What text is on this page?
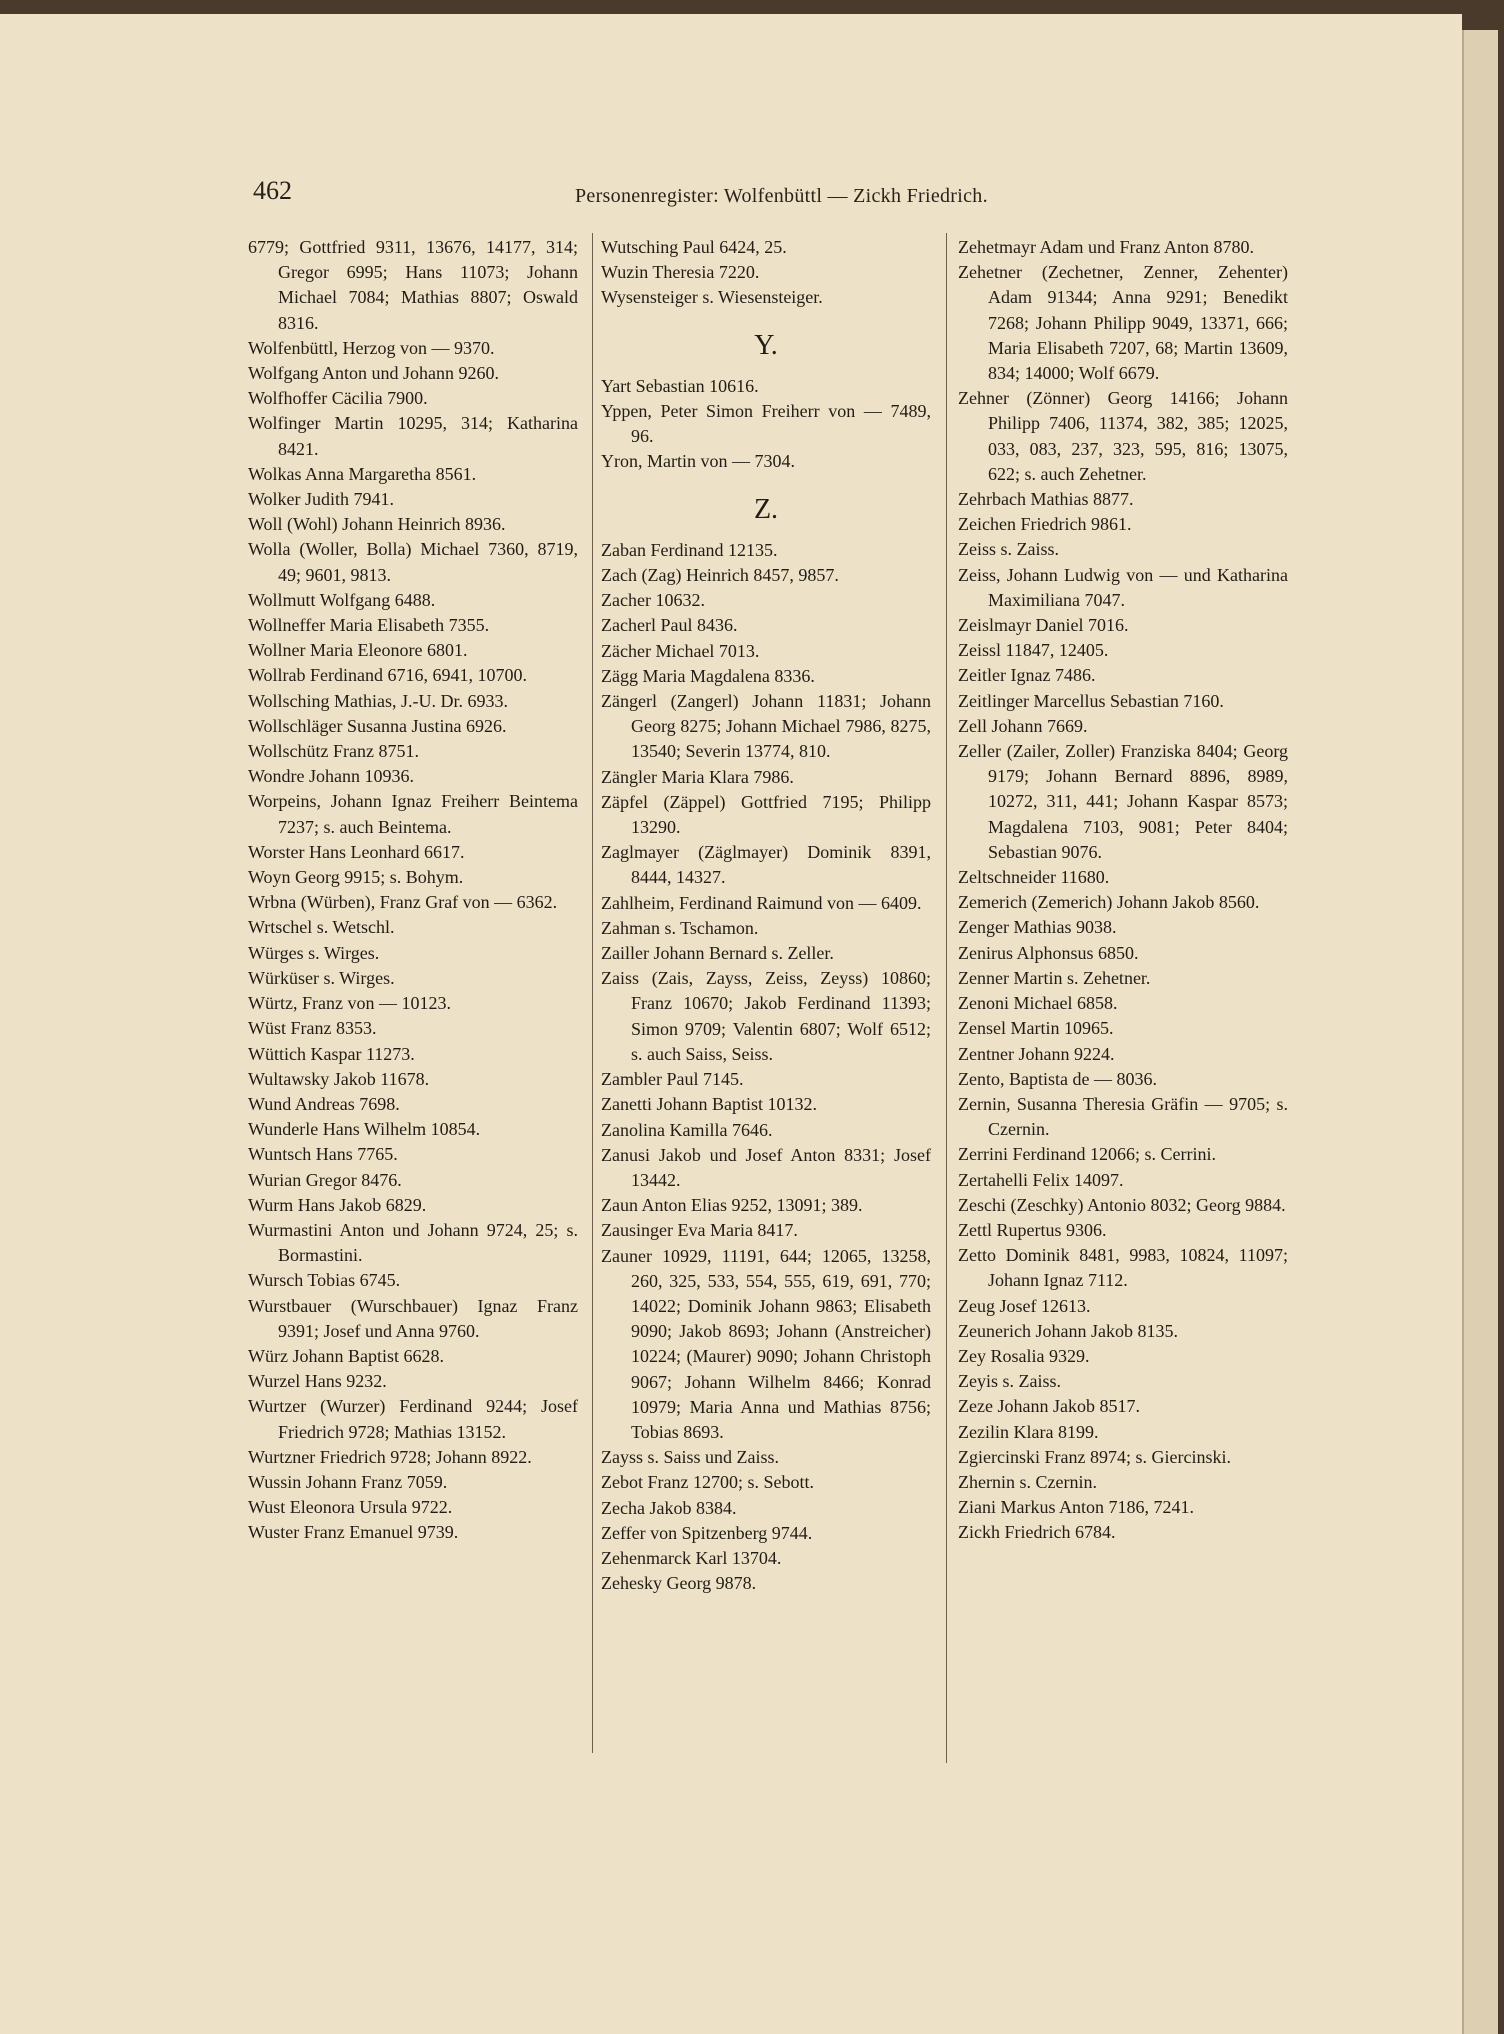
462	Personenregister: Wolfenbüttl — Zickh Friedrich.
6779; Gottfried 9311, 13676, 14177, 314; Gregor 6995; Hans 11073; Johann Michael 7084; Mathias 8807; Oswald 8316.
Wolfenbüttl, Herzog von — 9370.
Wolfgang Anton und Johann 9260.
Wolfhoffer Cäcilia 7900.
Wolfinger Martin 10295, 314; Katharina 8421.
Wolkas Anna Margaretha 8561.
Wolker Judith 7941.
Woll (Wohl) Johann Heinrich 8936.
Wolla (Woller, Bolla) Michael 7360, 8719, 49; 9601, 9813.
Wollmutt Wolfgang 6488.
Wollneffer Maria Elisabeth 7355.
Wollner Maria Eleonore 6801.
Wollrab Ferdinand 6716, 6941, 10700.
Wollsching Mathias, J.-U. Dr. 6933.
Wollschläger Susanna Justina 6926.
Wollschütz Franz 8751.
Wondre Johann 10936.
Worpeins, Johann Ignaz Freiherr Beintema 7237; s. auch Beintema.
Worster Hans Leonhard 6617.
Woyn Georg 9915; s. Bohym.
Wrbna (Würben), Franz Graf von — 6362.
Wrtschel s. Wetschl.
Würges s. Wirges.
Würküser s. Wirges.
Würtz, Franz von — 10123.
Wüst Franz 8353.
Wüttich Kaspar 11273.
Wultawsky Jakob 11678.
Wund Andreas 7698.
Wunderle Hans Wilhelm 10854.
Wuntsch Hans 7765.
Wurian Gregor 8476.
Wurm Hans Jakob 6829.
Wurmastini Anton und Johann 9724, 25; s. Bormastini.
Wursch Tobias 6745.
Wurstbauer (Wurschbauer) Ignaz Franz 9391; Josef und Anna 9760.
Würz Johann Baptist 6628.
Wurzel Hans 9232.
Wurtzer (Wurzer) Ferdinand 9244; Josef Friedrich 9728; Mathias 13152.
Wurtzner Friedrich 9728; Johann 8922.
Wussin Johann Franz 7059.
Wust Eleonora Ursula 9722.
Wuster Franz Emanuel 9739.
Wutsching Paul 6424, 25.
Wuzin Theresia 7220.
Wysensteiger s. Wiesensteiger.
Y.
Yart Sebastian 10616.
Yppen, Peter Simon Freiherr von — 7489, 96.
Yron, Martin von — 7304.
Z.
Zaban Ferdinand 12135.
Zach (Zag) Heinrich 8457, 9857.
Zacher 10632.
Zacherl Paul 8436.
Zächer Michael 7013.
Zägg Maria Magdalena 8336.
Zängerl (Zangerl) Johann 11831; Johann Georg 8275; Johann Michael 7986, 8275, 13540; Severin 13774, 810.
Zängler Maria Klara 7986.
Zäpfel (Zäppel) Gottfried 7195; Philipp 13290.
Zaglmayer (Zäglmayer) Dominik 8391, 8444, 14327.
Zahlheim, Ferdinand Raimund von — 6409.
Zahman s. Tschamon.
Zailler Johann Bernard s. Zeller.
Zaiss (Zais, Zayss, Zeiss, Zeyss) 10860; Franz 10670; Jakob Ferdinand 11393; Simon 9709; Valentin 6807; Wolf 6512; s. auch Saiss, Seiss.
Zambler Paul 7145.
Zanetti Johann Baptist 10132.
Zanolina Kamilla 7646.
Zanusi Jakob und Josef Anton 8331; Josef 13442.
Zaun Anton Elias 9252, 13091; 389.
Zausinger Eva Maria 8417.
Zauner 10929, 11191, 644; 12065, 13258, 260, 325, 533, 554, 555, 619, 691, 770; 14022; Dominik Johann 9863; Elisabeth 9090; Jakob 8693; Johann (Anstreicher) 10224; (Maurer) 9090; Johann Christoph 9067; Johann Wilhelm 8466; Konrad 10979; Maria Anna und Mathias 8756; Tobias 8693.
Zayss s. Saiss und Zaiss.
Zebot Franz 12700; s. Sebott.
Zecha Jakob 8384.
Zeffer von Spitzenberg 9744.
Zehenmarck Karl 13704.
Zehesky Georg 9878.
Zehetmayr Adam und Franz Anton 8780.
Zehetner (Zechetner, Zenner, Zehenter) Adam 91344; Anna 9291; Benedikt 7268; Johann Philipp 9049, 13371, 666; Maria Elisabeth 7207, 68; Martin 13609, 834; 14000; Wolf 6679.
Zehner (Zönner) Georg 14166; Johann Philipp 7406, 11374, 382, 385; 12025, 033, 083, 237, 323, 595, 816; 13075, 622; s. auch Zehetner.
Zehrbach Mathias 8877.
Zeichen Friedrich 9861.
Zeiss s. Zaiss.
Zeiss, Johann Ludwig von — und Katharina Maximiliana 7047.
Zeislmayr Daniel 7016.
Zeissl 11847, 12405.
Zeitler Ignaz 7486.
Zeitlinger Marcellus Sebastian 7160.
Zell Johann 7669.
Zeller (Zailer, Zoller) Franziska 8404; Georg 9179; Johann Bernard 8896, 8989, 10272, 311, 441; Johann Kaspar 8573; Magdalena 7103, 9081; Peter 8404; Sebastian 9076.
Zeltschneider 11680.
Zemerich (Zemerich) Johann Jakob 8560.
Zenger Mathias 9038.
Zenirus Alphonsus 6850.
Zenner Martin s. Zehetner.
Zenoni Michael 6858.
Zensel Martin 10965.
Zentner Johann 9224.
Zento, Baptista de — 8036.
Zernin, Susanna Theresia Gräfin — 9705; s. Czernin.
Zerrini Ferdinand 12066; s. Cerrini.
Zertahelli Felix 14097.
Zeschi (Zeschky) Antonio 8032; Georg 9884.
Zettl Rupertus 9306.
Zetto Dominik 8481, 9983, 10824, 11097; Johann Ignaz 7112.
Zeug Josef 12613.
Zeunerich Johann Jakob 8135.
Zey Rosalia 9329.
Zeyis s. Zaiss.
Zeze Johann Jakob 8517.
Zezilin Klara 8199.
Zgiercinski Franz 8974; s. Giercinski.
Zhernin s. Czernin.
Ziani Markus Anton 7186, 7241.
Zickh Friedrich 6784.
